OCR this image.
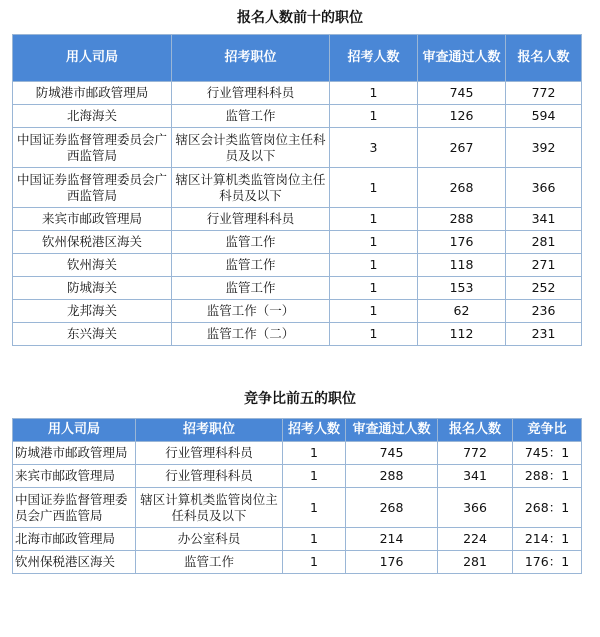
报名人数前十的职位
用人司局	招考职位	招考人数	审查通过人数	报名人数
防城港市邮政管理局	行业管理科科员	1	745	772
北海海关	监管工作	1	126	594
中国证券监督管理委员会广西监管局	辖区会计类监管岗位主任科员及以下	3	267	392
中国证券监督管理委员会广西监管局	辖区计算机类监管岗位主任科员及以下	1	268	366
来宾市邮政管理局	行业管理科科员	1	288	341
钦州保税港区海关	监管工作	1	176	281
钦州海关	监管工作	1	118	271
防城海关	监管工作	1	153	252
龙邦海关	监管工作（一）	1	62	236
东兴海关	监管工作（二）	1	112	231
竞争比前五的职位
用人司局	招考职位	招考人数	审查通过人数	报名人数	竞争比
防城港市邮政管理局	行业管理科科员	1	745	772	745：1
来宾市邮政管理局	行业管理科科员	1	288	341	288：1
中国证券监督管理委员会广西监管局	辖区计算机类监管岗位主任科员及以下	1	268	366	268：1
北海市邮政管理局	办公室科员	1	214	224	214：1
钦州保税港区海关	监管工作	1	176	281	176：1
